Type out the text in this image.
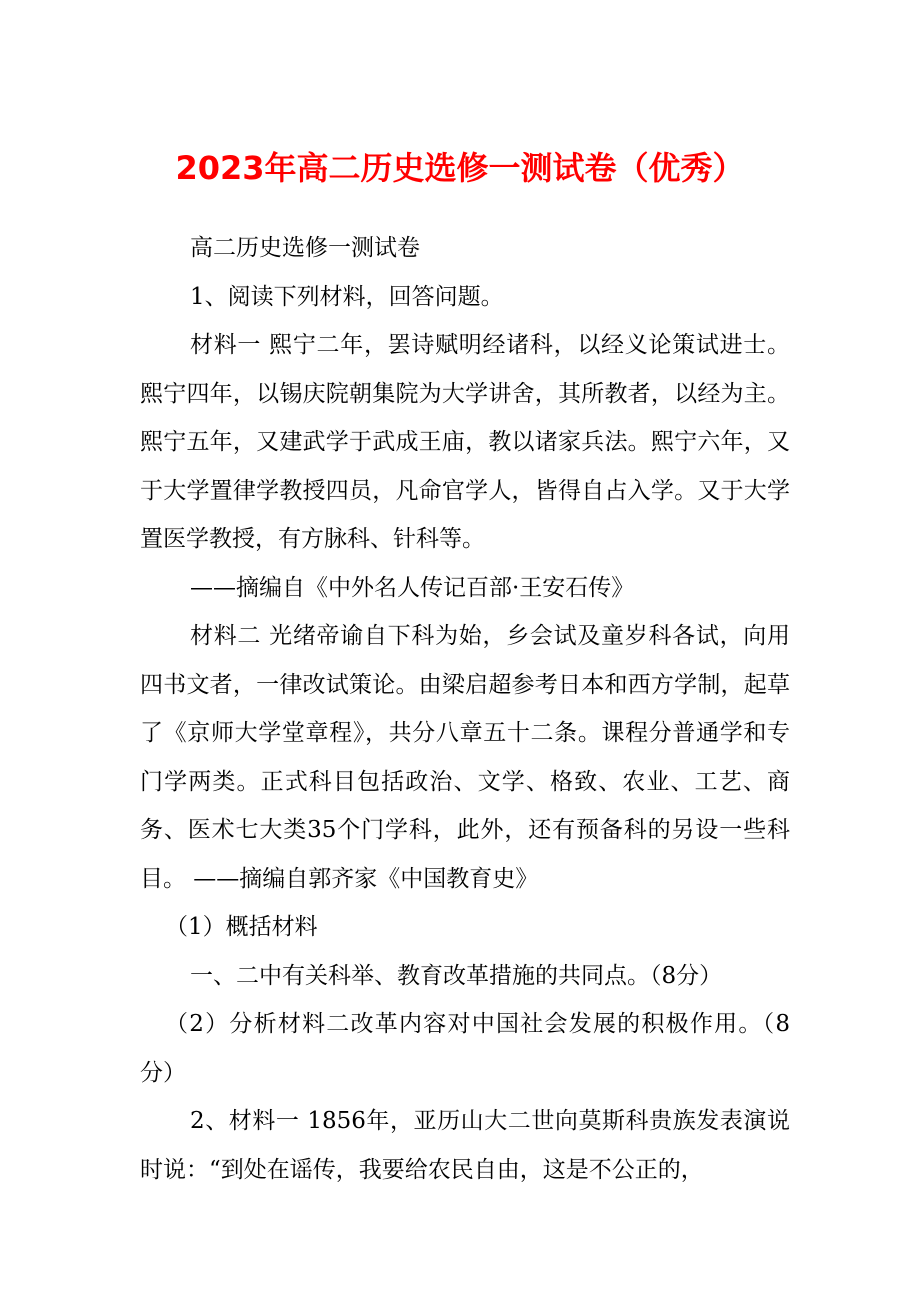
2023年高二历史选修一测试卷（优秀）

高二历史选修一测试卷

1、阅读下列材料，回答问题。

材料一 熙宁二年，罢诗赋明经诸科，以经义论策试进士。熙宁四年，以锡庆院朝集院为大学讲舍，其所教者，以经为主。熙宁五年，又建武学于武成王庙，教以诸家兵法。熙宁六年，又于大学置律学教授四员，凡命官学人，皆得自占入学。又于大学置医学教授，有方脉科、针科等。

——摘编自《中外名人传记百部·王安石传》

材料二 光绪帝谕自下科为始，乡会试及童岁科各试，向用四书文者，一律改试策论。由梁启超参考日本和西方学制，起草了《京师大学堂章程》，共分八章五十二条。课程分普通学和专门学两类。正式科目包括政治、文学、格致、农业、工艺、商务、医术七大类35个门学科，此外，还有预备科的另设一些科目。 ——摘编自郭齐家《中国教育史》

（1）概括材料

一、二中有关科举、教育改革措施的共同点。（8分）

（2）分析材料二改革内容对中国社会发展的积极作用。（8分）

2、材料一 1856年，亚历山大二世向莫斯科贵族发表演说时说：“到处在谣传，我要给农民自由，这是不公正的，
